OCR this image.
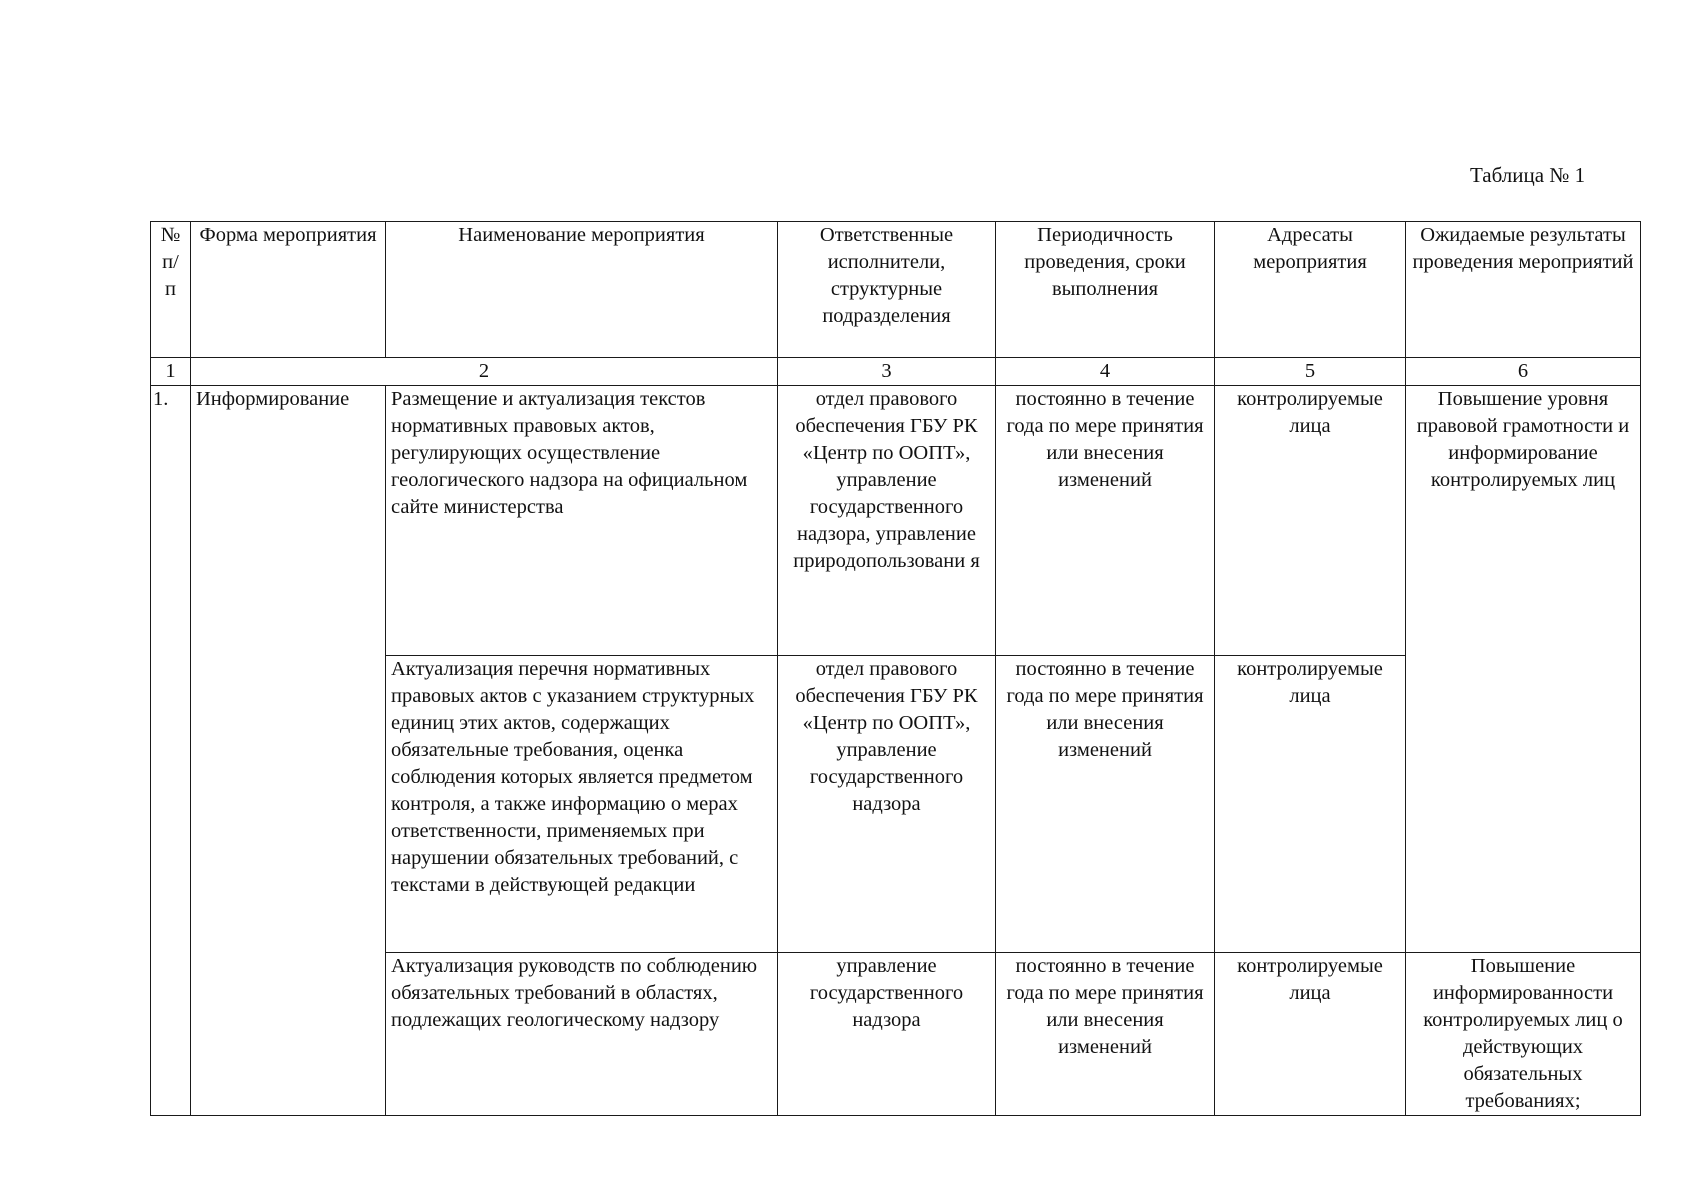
Таблица № 1
№ п/ п	Форма мероприятия	Наименование мероприятия	Ответственные исполнители, структурные подразделения	Периодичность проведения, сроки выполнения	Адресаты мероприятия	Ожидаемые результаты проведения мероприятий
1	2		3	4	5	6
1.	Информирование	Размещение и актуализация текстов нормативных правовых актов, регулирующих осуществление геологического надзора на официальном сайте министерства	отдел правового обеспечения ГБУ РК «Центр по ООПТ», управление государственного надзора, управление природопользовани я	постоянно в течение года по мере принятия или внесения изменений	контролируемые лица	Повышение уровня правовой грамотности и информирование контролируемых лиц
		Актуализация перечня нормативных правовых актов с указанием структурных единиц этих актов, содержащих обязательные требования, оценка соблюдения которых является предметом контроля, а также информацию о мерах ответственности, применяемых при нарушении обязательных требований, с текстами в действующей редакции	отдел правового обеспечения ГБУ РК «Центр по ООПТ», управление государственного надзора	постоянно в течение года по мере принятия или внесения изменений	контролируемые лица	
		Актуализация руководств по соблюдению обязательных требований в областях, подлежащих геологическому надзору	управление государственного надзора	постоянно в течение года по мере принятия или внесения изменений	контролируемые лица	Повышение информированности контролируемых лиц о действующих обязательных требованиях;
